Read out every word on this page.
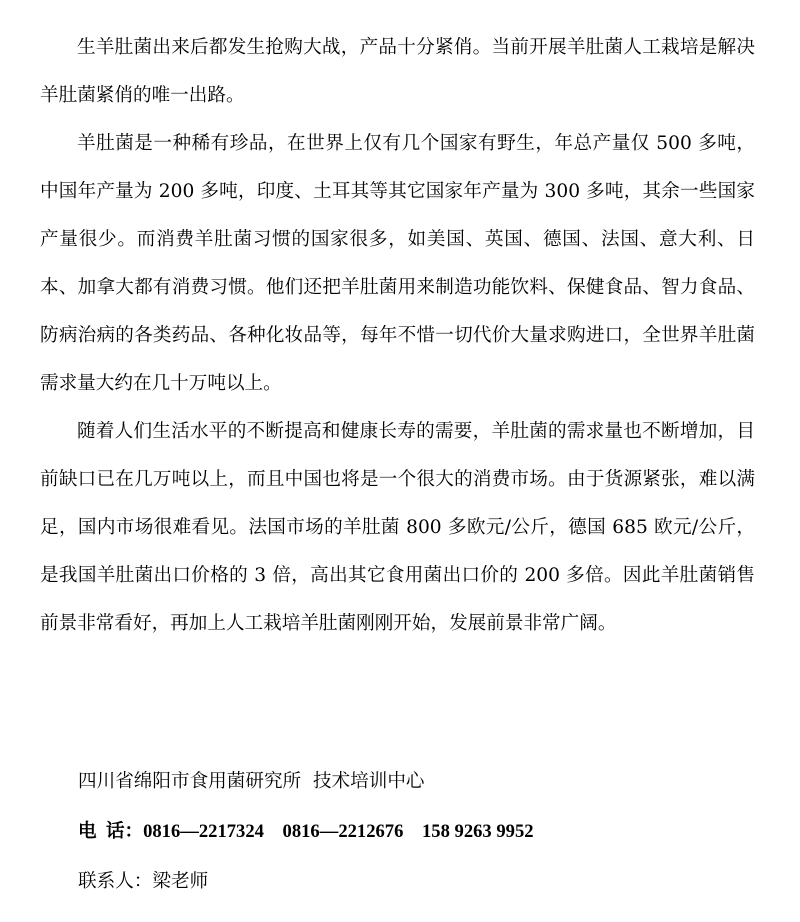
生羊肚菌出来后都发生抢购大战，产品十分紧俏。当前开展羊肚菌人工栽培是解决羊肚菌紧俏的唯一出路。

羊肚菌是一种稀有珍品，在世界上仅有几个国家有野生，年总产量仅 500 多吨，中国年产量为 200 多吨，印度、土耳其等其它国家年产量为 300 多吨，其余一些国家产量很少。而消费羊肚菌习惯的国家很多，如美国、英国、德国、法国、意大利、日本、加拿大都有消费习惯。他们还把羊肚菌用来制造功能饮料、保健食品、智力食品、防病治病的各类药品、各种化妆品等，每年不惜一切代价大量求购进口，全世界羊肚菌需求量大约在几十万吨以上。

随着人们生活水平的不断提高和健康长寿的需要，羊肚菌的需求量也不断增加，目前缺口已在几万吨以上，而且中国也将是一个很大的消费市场。由于货源紧张，难以满足，国内市场很难看见。法国市场的羊肚菌 800 多欧元/公斤，德国 685 欧元/公斤，是我国羊肚菌出口价格的 3 倍，高出其它食用菌出口价的 200 多倍。因此羊肚菌销售前景非常看好，再加上人工栽培羊肚菌刚刚开始，发展前景非常广阔。

四川省绵阳市食用菌研究所  技术培训中心

电  话：0816—2217324    0816—2212676    158 9263 9952

联系人：梁老师
